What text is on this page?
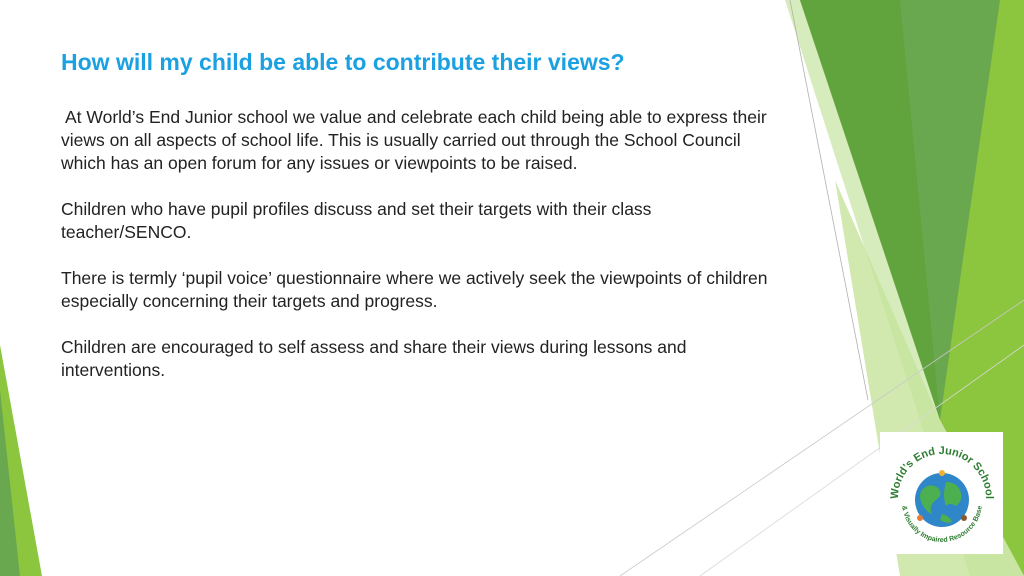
How will my child be able to contribute their views?

At World’s End Junior school we value and celebrate each child being able to express their views on all aspects of school life. This is usually carried out through the School Council which has an open forum for any issues or viewpoints to be raised.

Children who have pupil profiles discuss and set their targets with their class teacher/SENCO.

There is termly ‘pupil voice’ questionnaire where we actively seek the viewpoints of children especially concerning their targets and progress.

Children are encouraged to self assess and share their views during lessons and interventions.

World’s End Junior School
& Visually Impaired Resource Base
